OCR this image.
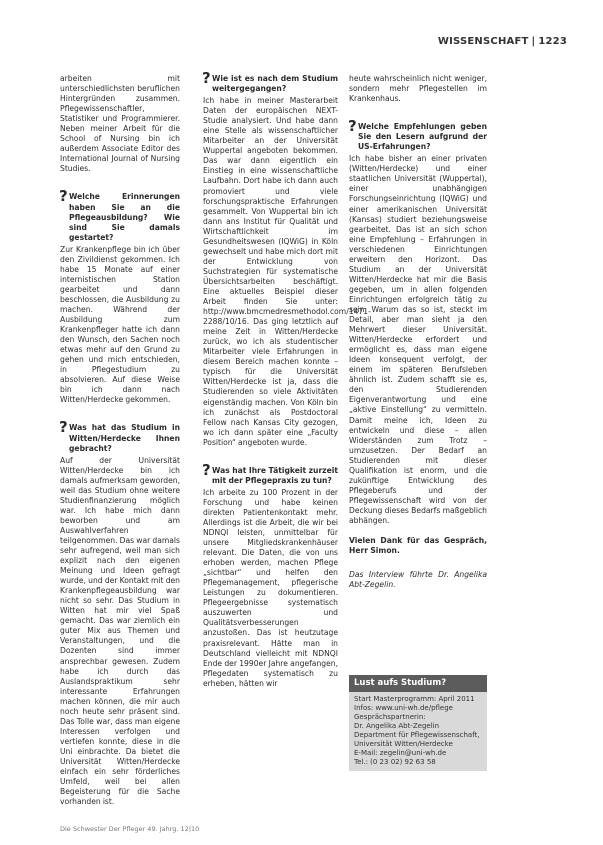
WISSENSCHAFT | 1223

arbeiten mit unterschiedlichsten beruflichen Hintergründen zusammen. Pflegewissenschaftler, Statistiker und Programmierer. Neben meiner Arbeit für die School of Nursing bin ich außerdem Associate Editor des International Journal of Nursing Studies.

? Welche Erinnerungen haben Sie an die Pflegeausbildung? Wie sind Sie damals gestartet?

Zur Krankenpflege bin ich über den Zivildienst gekommen. Ich habe 15 Monate auf einer internistischen Station gearbeitet und dann beschlossen, die Ausbildung zu machen. Während der Ausbildung zum Krankenpfleger hatte ich dann den Wunsch, den Sachen noch etwas mehr auf den Grund zu gehen und mich entschieden, in Pflegestudium zu absolvieren. Auf diese Weise bin ich dann nach Witten/Herdecke gekommen.

? Was hat das Studium in Witten/Herdecke Ihnen gebracht?

Auf der Universität Witten/Herdecke bin ich damals aufmerksam geworden, weil das Studium ohne weitere Studienfinanzierung möglich war. Ich habe mich dann beworben und am Auswahlverfahren teilgenommen. Das war damals sehr aufregend, weil man sich explizit nach den eigenen Meinung und Ideen gefragt wurde, und der Kontakt mit den Krankenpflegeausbildung war nicht so sehr. Das Studium in Witten hat mir viel Spaß gemacht. Das war ziemlich ein guter Mix aus Themen und Veranstaltungen, und die Dozenten sind immer ansprechbar gewesen. Zudem habe ich durch das Auslandspraktikum sehr interessante Erfahrungen machen können, die mir auch noch heute sehr präsent sind. Das Tolle war, dass man eigene Interessen verfolgen und vertiefen konnte, diese in die Uni einbrachte. Da bietet die Universität Witten/Herdecke einfach ein sehr förderliches Umfeld, weil bei allen Begeisterung für die Sache vorhanden ist.

? Wie ist es nach dem Studium weitergegangen?

Ich habe in meiner Masterarbeit Daten der europäischen NEXT-Studie analysiert. Und habe dann eine Stelle als wissenschaftlicher Mitarbeiter an der Universität Wuppertal angeboten bekommen. Das war dann eigentlich ein Einstieg in eine wissenschaftliche Laufbahn. Dort habe ich dann auch promoviert und viele forschungspraktische Erfahrungen gesammelt. Von Wuppertal bin ich dann ans Institut für Qualität und Wirtschaftlichkeit im Gesundheitswesen (IQWiG) in Köln gewechselt und habe mich dort mit der Entwicklung von Suchstrategien für systematische Übersichtsarbeiten beschäftigt. Eine aktuelles Beispiel dieser Arbeit finden Sie unter: http://www.bmcmedresmethodol.com/1471-2288/10/16. Das ging letztlich auf meine Zeit in Witten/Herdecke zurück, wo ich als studentischer Mitarbeiter viele Erfahrungen in diesem Bereich machen konnte – typisch für die Universität Witten/Herdecke ist ja, dass die Studierenden so viele Aktivitäten eigenständig machen. Von Köln bin ich zunächst als Postdoctoral Fellow nach Kansas City gezogen, wo ich dann später eine „Faculty Position“ angeboten wurde.

? Was hat Ihre Tätigkeit zurzeit mit der Pflegepraxis zu tun?

Ich arbeite zu 100 Prozent in der Forschung und habe keinen direkten Patientenkontakt mehr. Allerdings ist die Arbeit, die wir bei NDNQI leisten, unmittelbar für unsere Mitgliedskrankenhäuser relevant. Die Daten, die von uns erhoben werden, machen Pflege „sichtbar“ und helfen den Pflegemanagement, pflegerische Leistungen zu dokumentieren. Pflegeergebnisse systematisch auszuwerten und Qualitätsverbesserungen anzustoßen. Das ist heutzutage praxisrelevant. Hätte man in Deutschland vielleicht mit NDNQI Ende der 1990er Jahre angefangen, Pflegedaten systematisch zu erheben, hätten wir

heute wahrscheinlich nicht weniger, sondern mehr Pflegestellen im Krankenhaus.

? Welche Empfehlungen geben Sie den Lesern aufgrund der US-Erfahrungen?

Ich habe bisher an einer privaten (Witten/Herdecke) und einer staatlichen Universität (Wuppertal), einer unabhängigen Forschungseinrichtung (IQWiG) und einer amerikanischen Universität (Kansas) studiert beziehungsweise gearbeitet. Das ist an sich schon eine Empfehlung – Erfahrungen in verschiedenen Einrichtungen erweitern den Horizont. Das Studium an der Universität Witten/Herdecke hat mir die Basis gegeben, um in allen folgenden Einrichtungen erfolgreich tätig zu sein. Warum das so ist, steckt im Detail, aber man sieht ja den Mehrwert dieser Universität. Witten/Herdecke erfordert und ermöglicht es, dass man eigene Ideen konsequent verfolgt, der einem im späteren Berufsleben ähnlich ist. Zudem schafft sie es, den Studierenden Eigenverantwortung und eine „aktive Einstellung“ zu vermitteln. Damit meine ich, Ideen zu entwickeln und diese – allen Widerständen zum Trotz – umzusetzen. Der Bedarf an Studierenden mit dieser Qualifikation ist enorm, und die zukünftige Entwicklung des Pflegeberufs und der Pflegewissenschaft wird von der Deckung dieses Bedarfs maßgeblich abhängen.

Vielen Dank für das Gespräch, Herr Simon.

Das Interview führte Dr. Angelika Abt-Zegelin.

Lust aufs Studium?
Start Masterprogramm: April 2011
Infos: www.uni-wh.de/pflege
Gesprächspartnerin:
Dr. Angelika Abt-Zegelin
Department für Pflegewissenschaft,
Universität Witten/Herdecke
E-Mail: zegelin@uni-wh.de
Tel.: (0 23 02) 92 63 58
Die Schwester Der Pfleger 49. Jahrg. 12|10
